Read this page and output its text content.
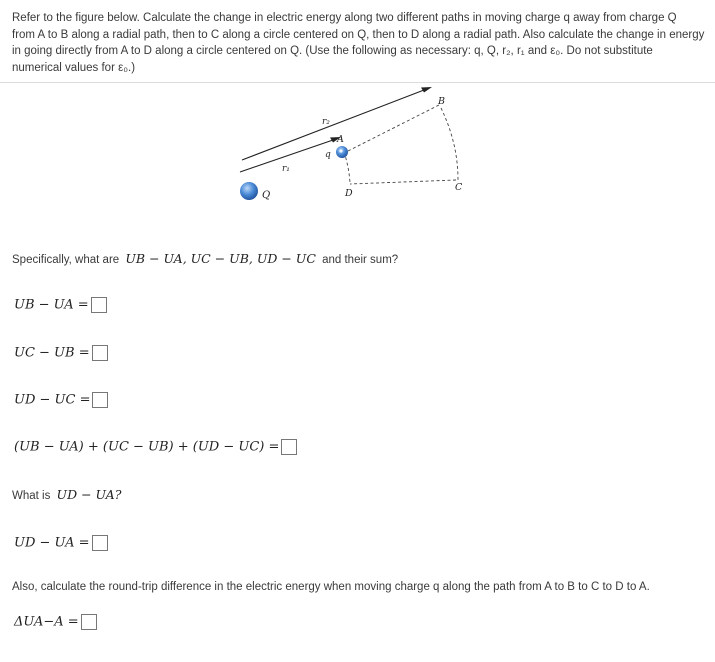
Refer to the figure below. Calculate the change in electric energy along two different paths in moving charge q away from charge Q
from A to B along a radial path, then to C along a circle centered on Q, then to D along a radial path. Also calculate the change in energy
in going directly from A to D along a circle centered on Q. (Use the following as necessary: q, Q, r₂, r₁ and ε₀. Do not substitute
numerical values for ε₀.)
Q
q
A
B
C
D
r₁
r₂
Specifically, what are UB − UA, UC − UB, UD − UC and their sum?
UB − UA =
UC − UB =
UD − UC =
(UB − UA) + (UC − UB) + (UD − UC) =
What is UD − UA?
UD − UA =
Also, calculate the round-trip difference in the electric energy when moving charge q along the path from A to B to C to D to A.
ΔUA−A =
